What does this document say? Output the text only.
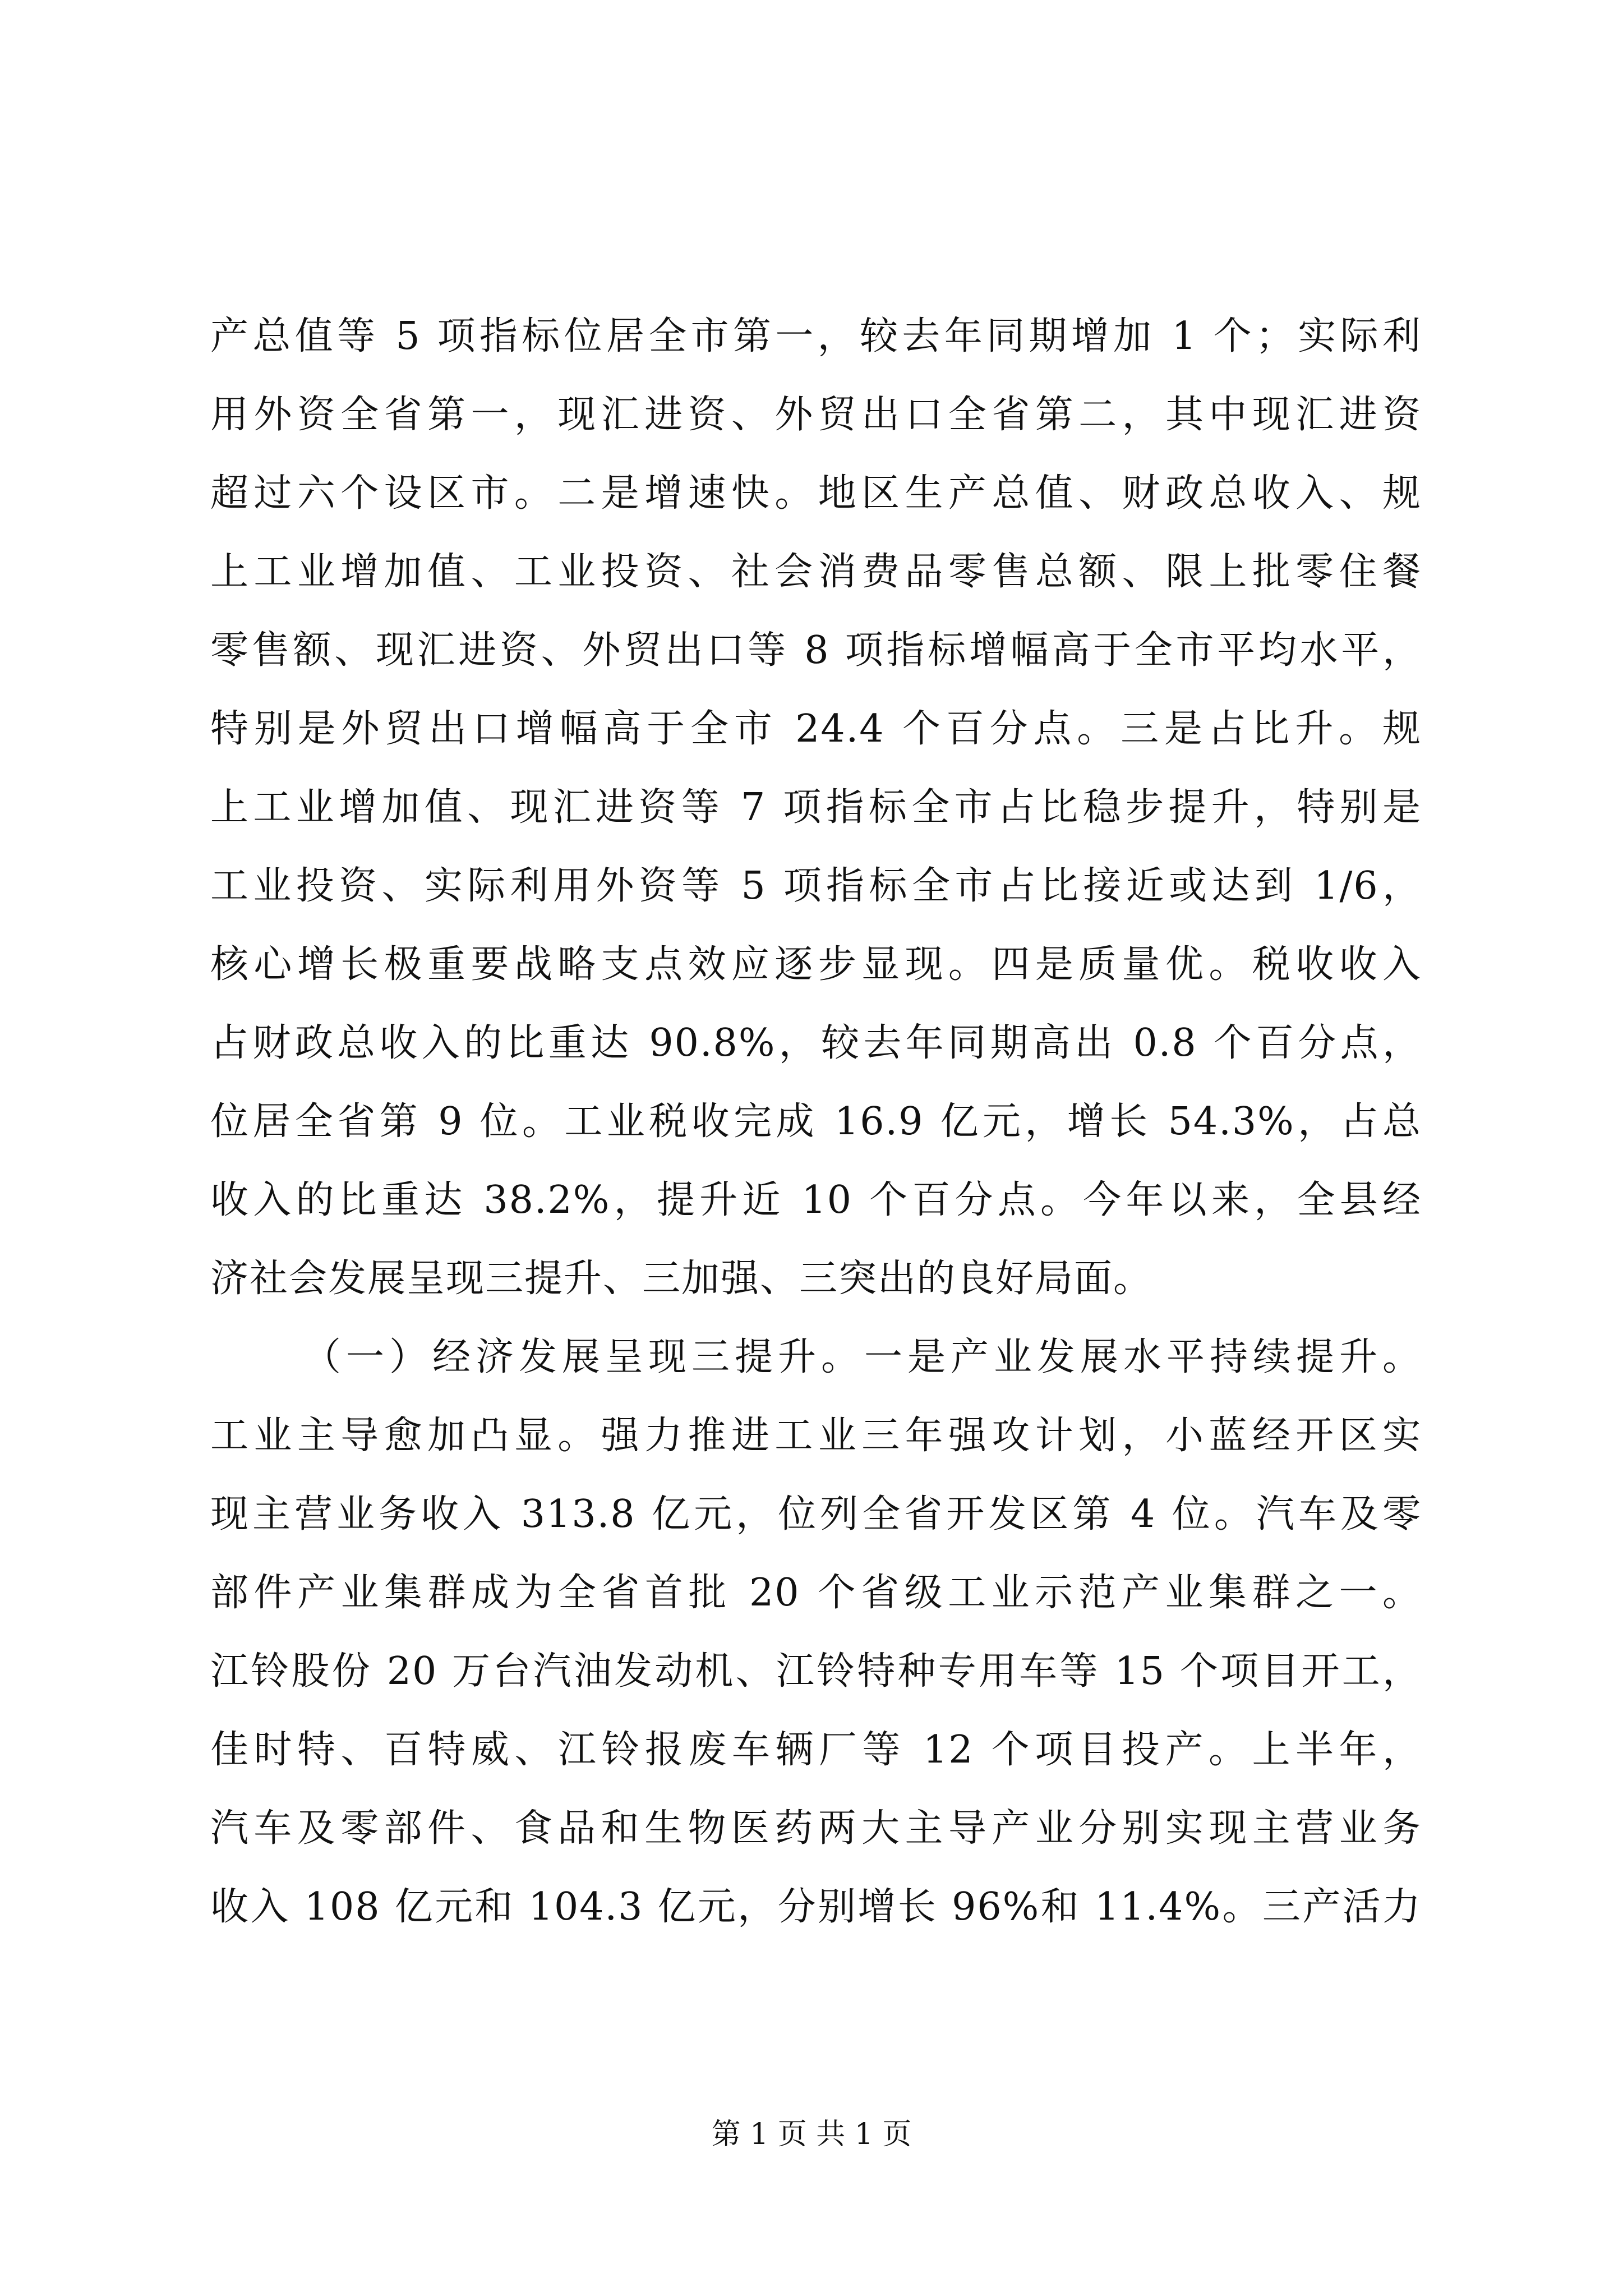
产总值等 5 项指标位居全市第一，较去年同期增加 1 个；实际利
用外资全省第一，现汇进资、外贸出口全省第二，其中现汇进资
超过六个设区市。二是增速快。地区生产总值、财政总收入、规
上工业增加值、工业投资、社会消费品零售总额、限上批零住餐
零售额、现汇进资、外贸出口等 8 项指标增幅高于全市平均水平，
特别是外贸出口增幅高于全市 24.4 个百分点。三是占比升。规
上工业增加值、现汇进资等 7 项指标全市占比稳步提升，特别是
工业投资、实际利用外资等 5 项指标全市占比接近或达到 1/6，
核心增长极重要战略支点效应逐步显现。四是质量优。税收收入
占财政总收入的比重达 90.8%，较去年同期高出 0.8 个百分点，
位居全省第 9 位。工业税收完成 16.9 亿元，增长 54.3%，占总
收入的比重达 38.2%，提升近 10 个百分点。今年以来，全县经
济社会发展呈现三提升、三加强、三突出的良好局面。
（一）经济发展呈现三提升。一是产业发展水平持续提升。
工业主导愈加凸显。强力推进工业三年强攻计划，小蓝经开区实
现主营业务收入 313.8 亿元，位列全省开发区第 4 位。汽车及零
部件产业集群成为全省首批 20 个省级工业示范产业集群之一。
江铃股份 20 万台汽油发动机、江铃特种专用车等 15 个项目开工，
佳时特、百特威、江铃报废车辆厂等 12 个项目投产。上半年，
汽车及零部件、食品和生物医药两大主导产业分别实现主营业务
收入 108 亿元和 104.3 亿元，分别增长 96%和 11.4%。三产活力
第 1 页 共 1 页
